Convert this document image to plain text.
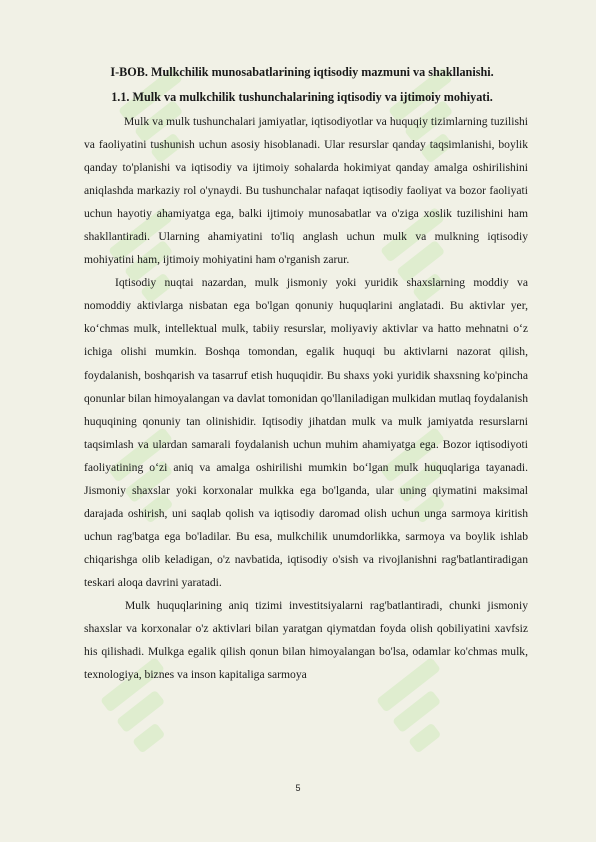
I-BOB. Mulkchilik munosabatlarining iqtisodiy mazmuni va shakllanishi.
1.1. Mulk va mulkchilik tushunchalarining iqtisodiy va ijtimoiy mohiyati.

Mulk va mulk tushunchalari jamiyatlar, iqtisodiyotlar va huquqiy tizimlarning tuzilishi va faoliyatini tushunish uchun asosiy hisoblanadi. Ular resurslar qanday taqsimlanishi, boylik qanday to'planishi va iqtisodiy va ijtimoiy sohalarda hokimiyat qanday amalga oshirilishini aniqlashda markaziy rol o'ynaydi. Bu tushunchalar nafaqat iqtisodiy faoliyat va bozor faoliyati uchun hayotiy ahamiyatga ega, balki ijtimoiy munosabatlar va o'ziga xoslik tuzilishini ham shakllantiradi. Ularning ahamiyatini to'liq anglash uchun mulk va mulkning iqtisodiy mohiyatini ham, ijtimoiy mohiyatini ham o'rganish zarur.

Iqtisodiy nuqtai nazardan, mulk jismoniy yoki yuridik shaxslarning moddiy va nomoddiy aktivlarga nisbatan ega bo'lgan qonuniy huquqlarini anglatadi. Bu aktivlar yer, ko‘chmas mulk, intellektual mulk, tabiiy resurslar, moliyaviy aktivlar va hatto mehnatni o‘z ichiga olishi mumkin. Boshqa tomondan, egalik huquqi bu aktivlarni nazorat qilish, foydalanish, boshqarish va tasarruf etish huquqidir. Bu shaxs yoki yuridik shaxsning ko'pincha qonunlar bilan himoyalangan va davlat tomonidan qo'llaniladigan mulkidan mutlaq foydalanish huquqining qonuniy tan olinishidir. Iqtisodiy jihatdan mulk va mulk jamiyatda resurslarni taqsimlash va ulardan samarali foydalanish uchun muhim ahamiyatga ega. Bozor iqtisodiyoti faoliyatining o‘zi aniq va amalga oshirilishi mumkin bo‘lgan mulk huquqlariga tayanadi. Jismoniy shaxslar yoki korxonalar mulkka ega bo'lganda, ular uning qiymatini maksimal darajada oshirish, uni saqlab qolish va iqtisodiy daromad olish uchun unga sarmoya kiritish uchun rag'batga ega bo'ladilar. Bu esa, mulkchilik unumdorlikka, sarmoya va boylik ishlab chiqarishga olib keladigan, o'z navbatida, iqtisodiy o'sish va rivojlanishni rag'batlantiradigan teskari aloqa davrini yaratadi.

Mulk huquqlarining aniq tizimi investitsiyalarni rag'batlantiradi, chunki jismoniy shaxslar va korxonalar o'z aktivlari bilan yaratgan qiymatdan foyda olish qobiliyatini xavfsiz his qilishadi. Mulkga egalik qilish qonun bilan himoyalangan bo'lsa, odamlar ko'chmas mulk, texnologiya, biznes va inson kapitaliga sarmoya

5
